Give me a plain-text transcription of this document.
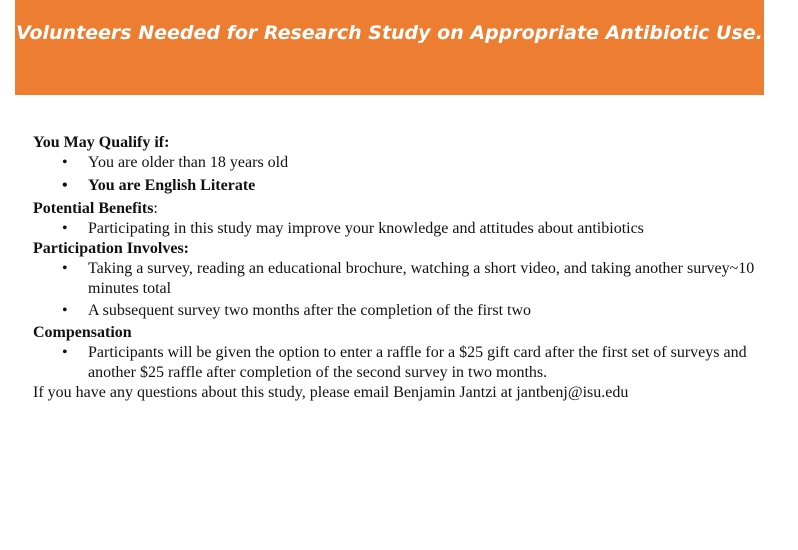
Volunteers Needed for Research Study on Appropriate Antibiotic Use.

You May Qualify if:

• You are older than 18 years old
• You are English Literate

Potential Benefits:

• Participating in this study may improve your knowledge and attitudes about antibiotics

Participation Involves:

• Taking a survey, reading an educational brochure, watching a short video, and taking another survey~10 minutes total
• A subsequent survey two months after the completion of the first two

Compensation

• Participants will be given the option to enter a raffle for a $25 gift card after the first set of surveys and another $25 raffle after completion of the second survey in two months.

If you have any questions about this study, please email Benjamin Jantzi at jantbenj@isu.edu
